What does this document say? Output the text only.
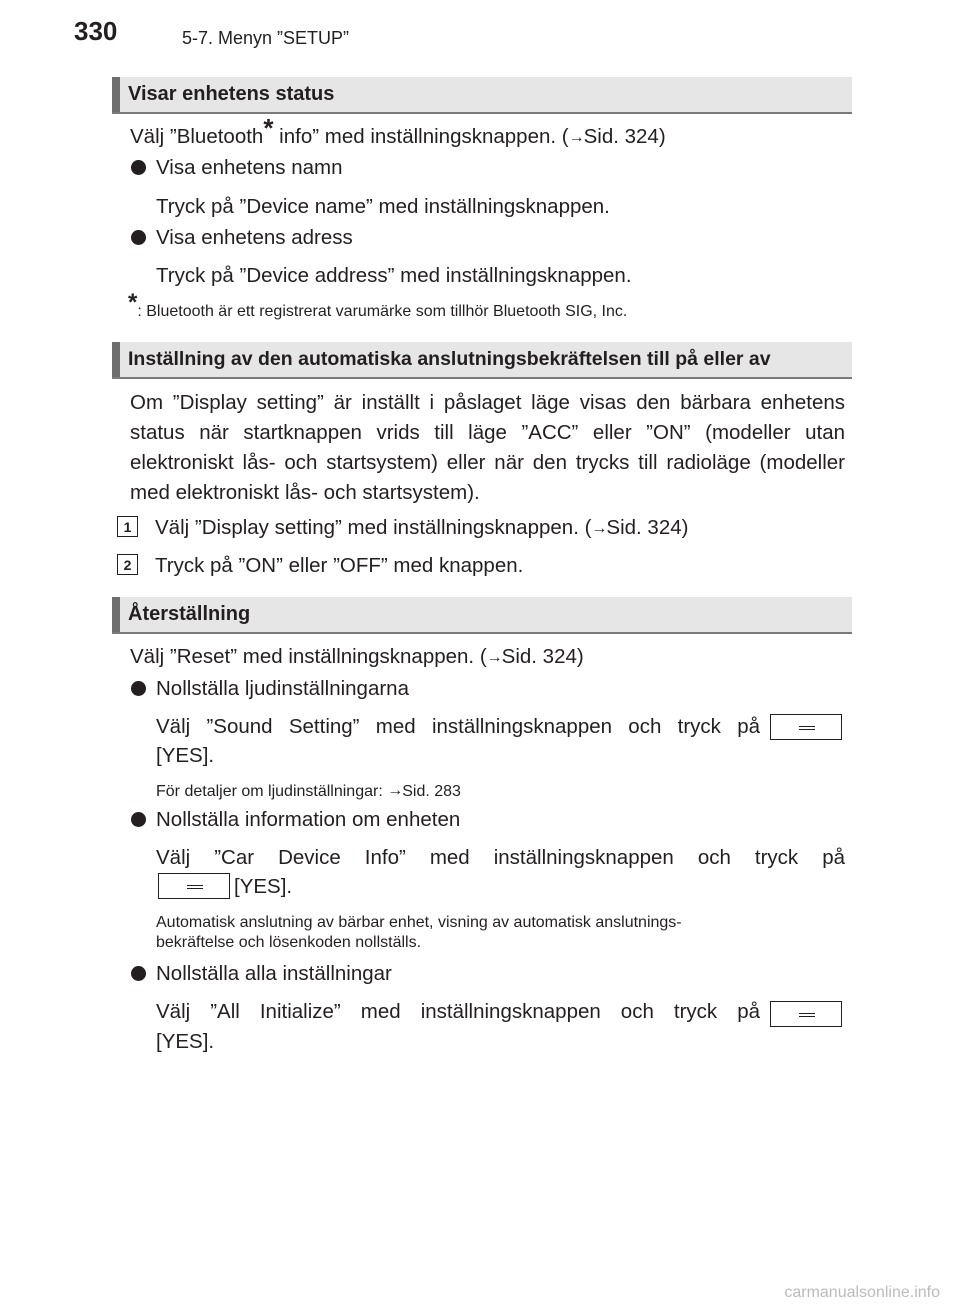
330	5-7. Menyn ”SETUP”
Visar enhetens status
Välj ”Bluetooth* info” med inställningsknappen. (→Sid. 324)
Visa enhetens namn
Tryck på ”Device name” med inställningsknappen.
Visa enhetens adress
Tryck på ”Device address” med inställningsknappen.
*: Bluetooth är ett registrerat varumärke som tillhör Bluetooth SIG, Inc.
Inställning av den automatiska anslutningsbekräftelsen till på eller av
Om ”Display setting” är inställt i påslaget läge visas den bärbara enhetens status när startknappen vrids till läge ”ACC” eller ”ON” (modeller utan elektroniskt lås- och startsystem) eller när den trycks till radioläge (modeller med elektroniskt lås- och startsystem).
1	Välj ”Display setting” med inställningsknappen. (→Sid. 324)
2	Tryck på ”ON” eller ”OFF” med knappen.
Återställning
Välj ”Reset” med inställningsknappen. (→Sid. 324)
Nollställa ljudinställningarna
Välj ”Sound Setting” med inställningsknappen och tryck på
[YES].
För detaljer om ljudinställningar: →Sid. 283
Nollställa information om enheten
Välj ”Car Device Info” med inställningsknappen och tryck på
[YES].
Automatisk anslutning av bärbar enhet, visning av automatisk anslutnings-
bekräftelse och lösenkoden nollställs.
Nollställa alla inställningar
Välj ”All Initialize” med inställningsknappen och tryck på
[YES].
carmanualsonline.info
